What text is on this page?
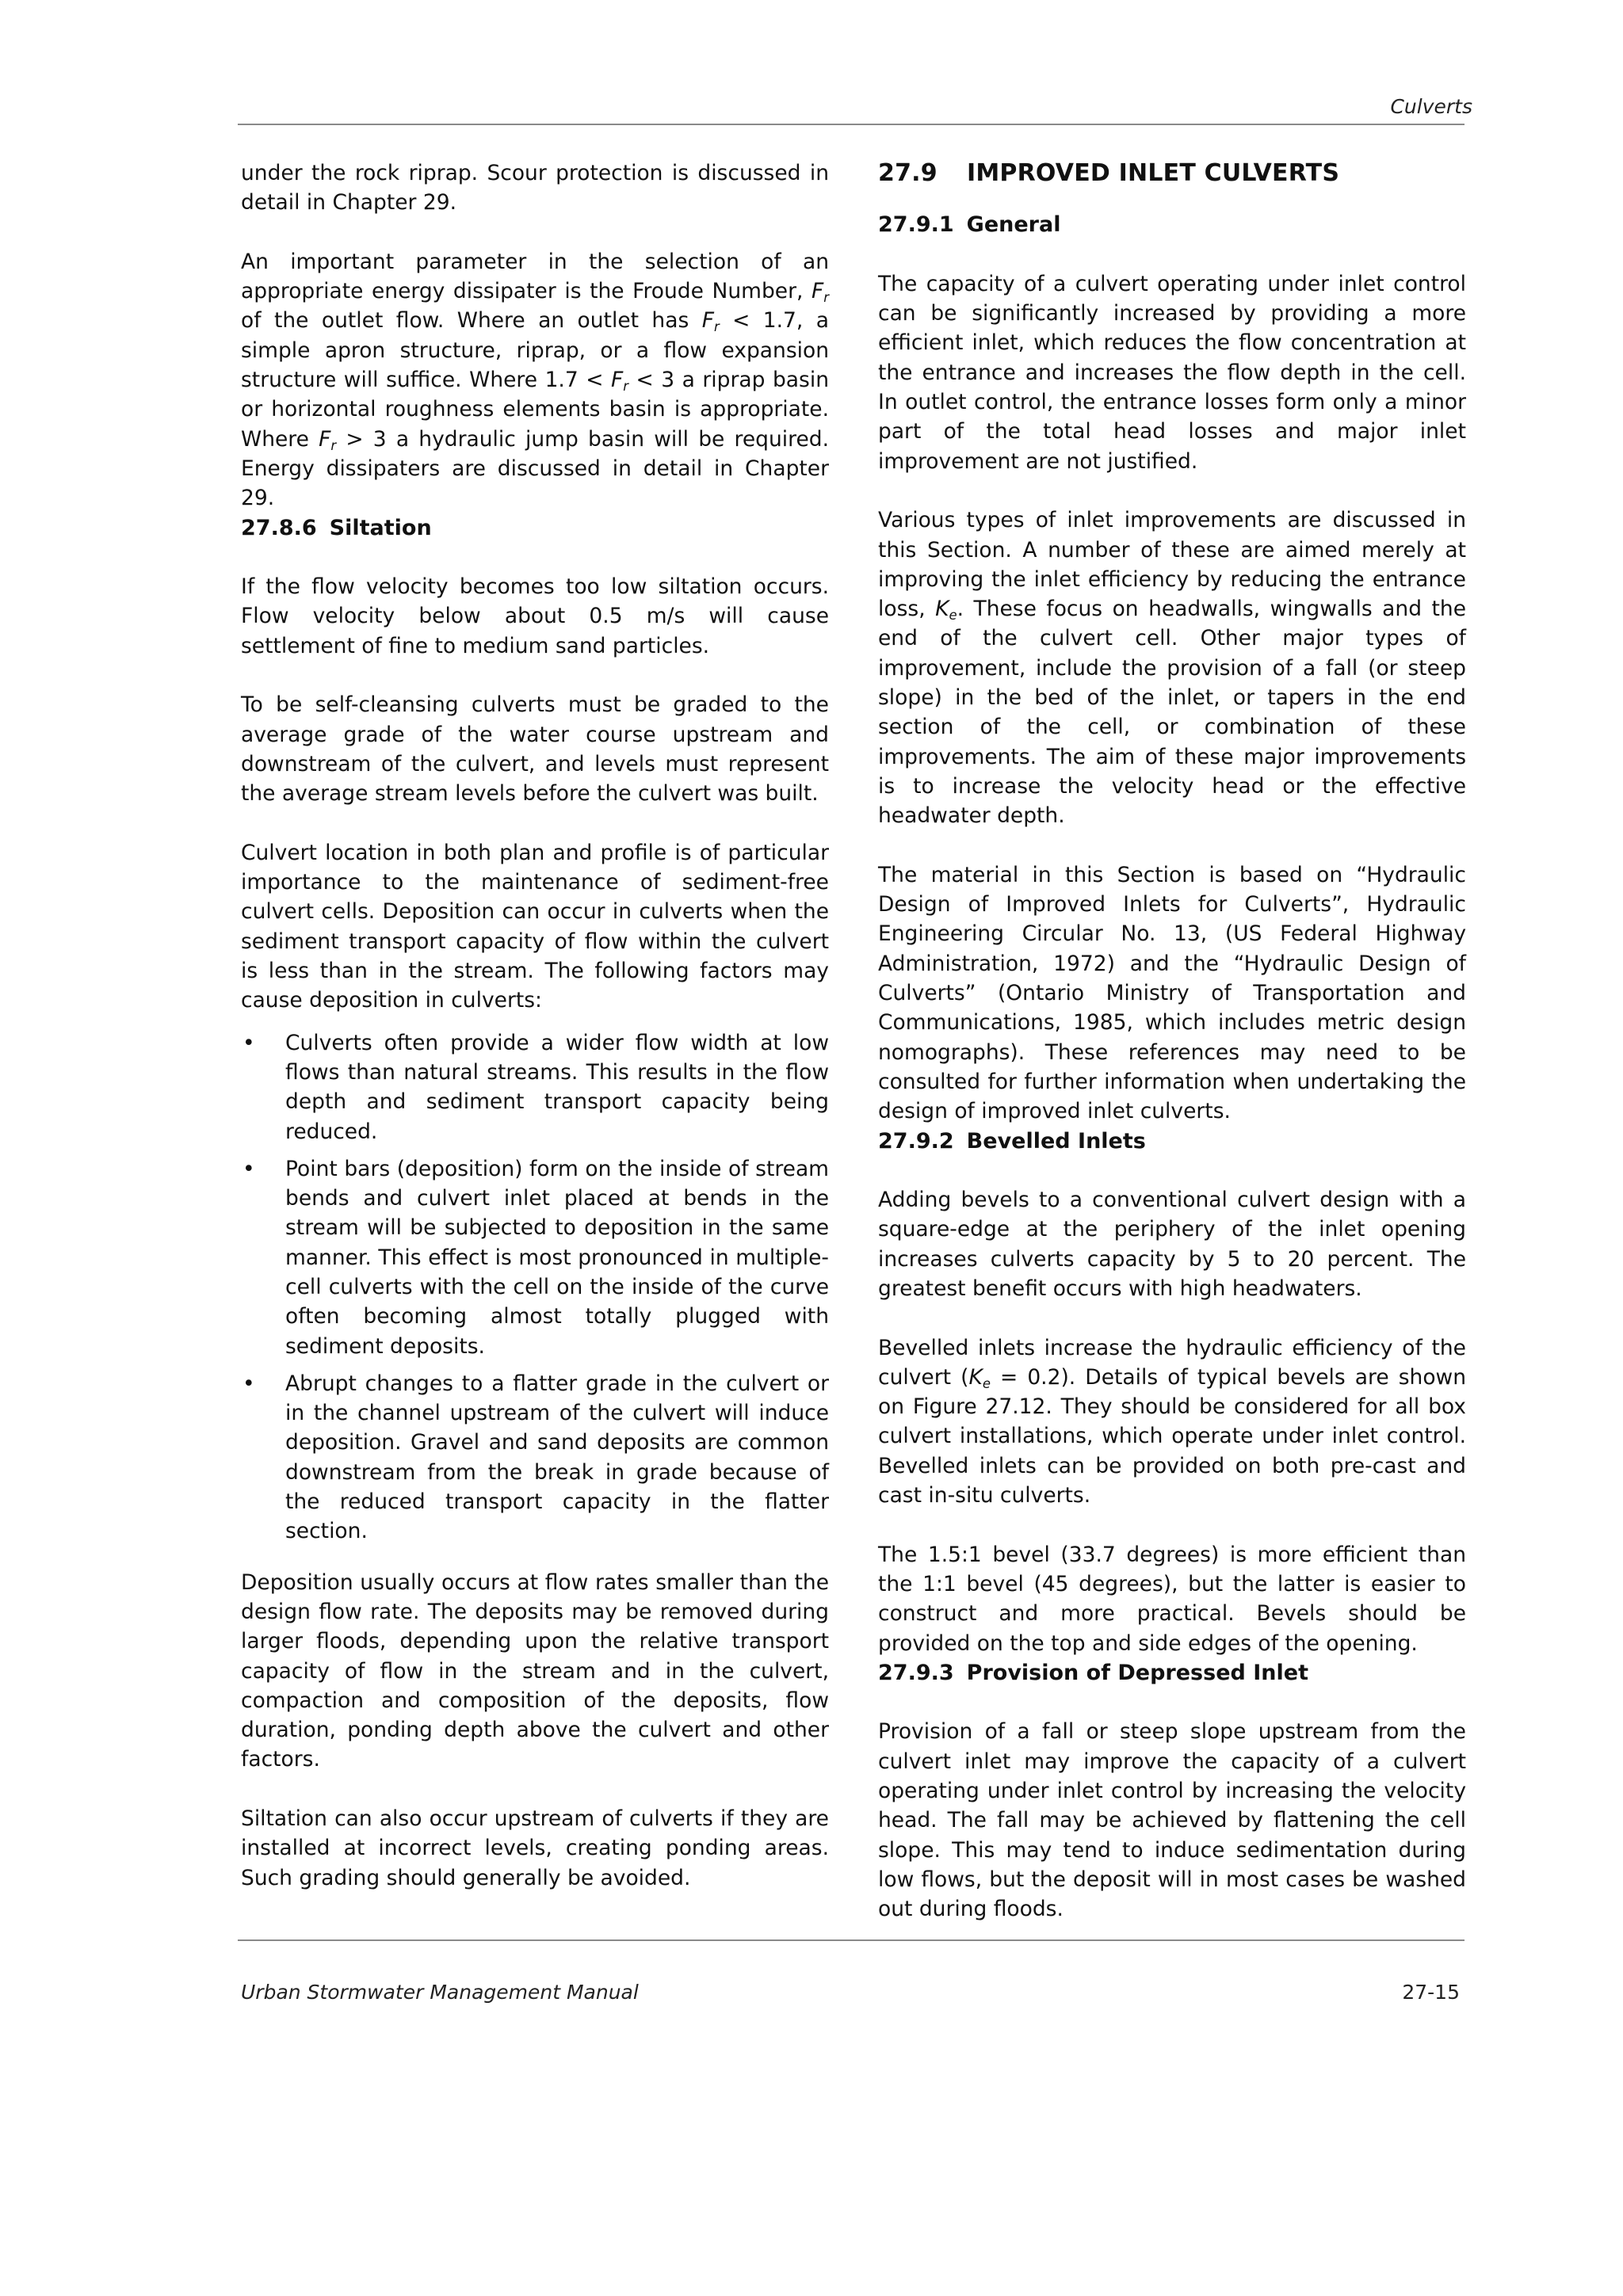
Culverts

under the rock riprap. Scour protection is discussed in detail in Chapter 29.

An important parameter in the selection of an appropriate energy dissipater is the Froude Number, $F_r$ of the outlet flow. Where an outlet has $F_r < 1.7$, a simple apron structure, riprap, or a flow expansion structure will suffice. Where $1.7 < F_r < 3$ a riprap basin or horizontal roughness elements basin is appropriate. Where $F_r > 3$ a hydraulic jump basin will be required. Energy dissipaters are discussed in detail in Chapter 29.

27.8.6 Siltation

If the flow velocity becomes too low siltation occurs. Flow velocity below about 0.5 m/s will cause settlement of fine to medium sand particles.

To be self-cleansing culverts must be graded to the average grade of the water course upstream and downstream of the culvert, and levels must represent the average stream levels before the culvert was built.

Culvert location in both plan and profile is of particular importance to the maintenance of sediment-free culvert cells. Deposition can occur in culverts when the sediment transport capacity of flow within the culvert is less than in the stream. The following factors may cause deposition in culverts:

• Culverts often provide a wider flow width at low flows than natural streams. This results in the flow depth and sediment transport capacity being reduced.
• Point bars (deposition) form on the inside of stream bends and culvert inlet placed at bends in the stream will be subjected to deposition in the same manner. This effect is most pronounced in multiple-cell culverts with the cell on the inside of the curve often becoming almost totally plugged with sediment deposits.
• Abrupt changes to a flatter grade in the culvert or in the channel upstream of the culvert will induce deposition. Gravel and sand deposits are common downstream from the break in grade because of the reduced transport capacity in the flatter section.

Deposition usually occurs at flow rates smaller than the design flow rate. The deposits may be removed during larger floods, depending upon the relative transport capacity of flow in the stream and in the culvert, compaction and composition of the deposits, flow duration, ponding depth above the culvert and other factors.

Siltation can also occur upstream of culverts if they are installed at incorrect levels, creating ponding areas. Such grading should generally be avoided.

27.9 IMPROVED INLET CULVERTS
27.9.1 General

The capacity of a culvert operating under inlet control can be significantly increased by providing a more efficient inlet, which reduces the flow concentration at the entrance and increases the flow depth in the cell. In outlet control, the entrance losses form only a minor part of the total head losses and major inlet improvement are not justified.

Various types of inlet improvements are discussed in this Section. A number of these are aimed merely at improving the inlet efficiency by reducing the entrance loss, $K_e$. These focus on headwalls, wingwalls and the end of the culvert cell. Other major types of improvement, include the provision of a fall (or steep slope) in the bed of the inlet, or tapers in the end section of the cell, or combination of these improvements. The aim of these major improvements is to increase the velocity head or the effective headwater depth.

The material in this Section is based on “Hydraulic Design of Improved Inlets for Culverts”, Hydraulic Engineering Circular No. 13, (US Federal Highway Administration, 1972) and the “Hydraulic Design of Culverts” (Ontario Ministry of Transportation and Communications, 1985, which includes metric design nomographs). These references may need to be consulted for further information when undertaking the design of improved inlet culverts.

27.9.2 Bevelled Inlets

Adding bevels to a conventional culvert design with a square-edge at the periphery of the inlet opening increases culverts capacity by 5 to 20 percent. The greatest benefit occurs with high headwaters.

Bevelled inlets increase the hydraulic efficiency of the culvert $(K_e = 0.2)$. Details of typical bevels are shown on Figure 27.12. They should be considered for all box culvert installations, which operate under inlet control. Bevelled inlets can be provided on both pre-cast and cast in-situ culverts.

The 1.5:1 bevel (33.7 degrees) is more efficient than the 1:1 bevel (45 degrees), but the latter is easier to construct and more practical. Bevels should be provided on the top and side edges of the opening.

27.9.3 Provision of Depressed Inlet

Provision of a fall or steep slope upstream from the culvert inlet may improve the capacity of a culvert operating under inlet control by increasing the velocity head. The fall may be achieved by flattening the cell slope. This may tend to induce sedimentation during low flows, but the deposit will in most cases be washed out during floods.

Urban Stormwater Management Manual	27-15
